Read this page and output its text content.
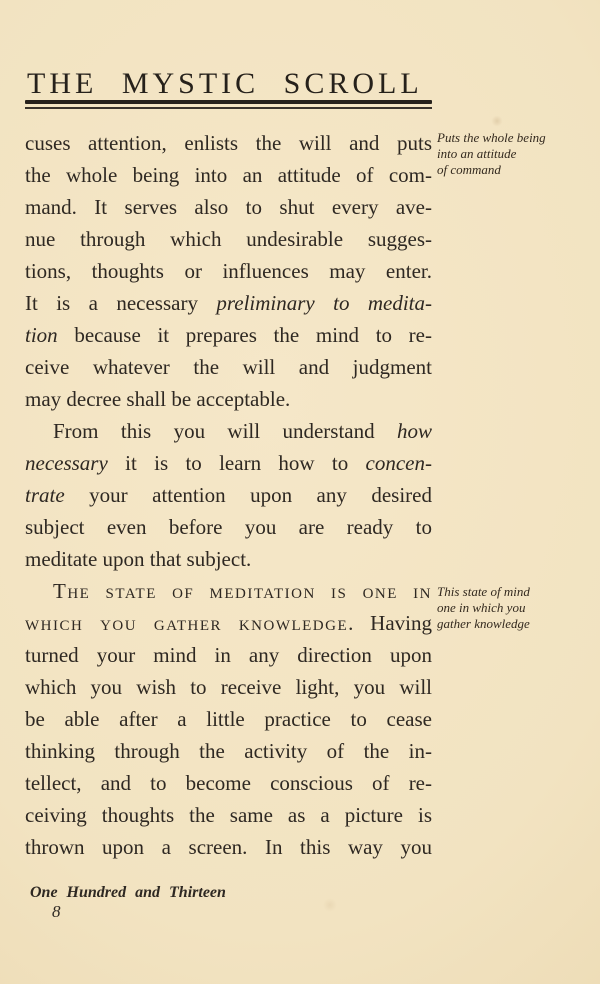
THE MYSTIC SCROLL
cuses attention, enlists the will and puts
the whole being into an attitude of com-
mand. It serves also to shut every ave-
nue through which undesirable sugges-
tions, thoughts or influences may enter.
It is a necessary preliminary to medita-
tion because it prepares the mind to re-
ceive whatever the will and judgment
may decree shall be acceptable.
From this you will understand how
necessary it is to learn how to concen-
trate your attention upon any desired
subject even before you are ready to
meditate upon that subject.
The state of meditation is one in
which you gather knowledge. Having
turned your mind in any direction upon
which you wish to receive light, you will
be able after a little practice to cease
thinking through the activity of the in-
tellect, and to become conscious of re-
ceiving thoughts the same as a picture is
thrown upon a screen. In this way you
Puts the whole being
into an attitude
of command
This state of mind
one in which you
gather knowledge
One Hundred and Thirteen
8
